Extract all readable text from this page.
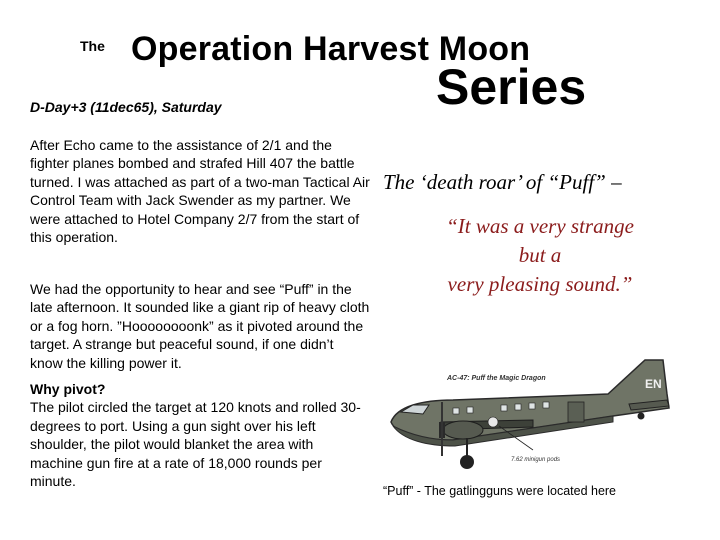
The Operation Harvest Moon
Series
D-Day+3 (11dec65), Saturday
After Echo came to the assistance of 2/1 and the fighter planes bombed and strafed Hill 407 the battle turned. I was attached as part of a two-man Tactical Air Control Team with Jack Swender as my partner. We were attached to Hotel Company 2/7 from the start of this operation.
We had the opportunity to hear and see “Puff” in the late afternoon. It sounded like a giant rip of heavy cloth or a fog horn. ”Hoooooooonk” as it pivoted around the target. A strange but peaceful sound, if one didn’t know the killing power it.
Why pivot?
The pilot circled the target at 120 knots and rolled 30-degrees to port. Using a gun sight over his left shoulder, the pilot would blanket the area with machine gun fire at a rate of 18,000 rounds per minute.
The ‘death roar’ of “Puff” –
“It was a very strange
but a
very pleasing sound.”
AC-47: Puff the Magic Dragon	EN
7.62 minigun pods
“Puff” - The gatlingguns were located here
